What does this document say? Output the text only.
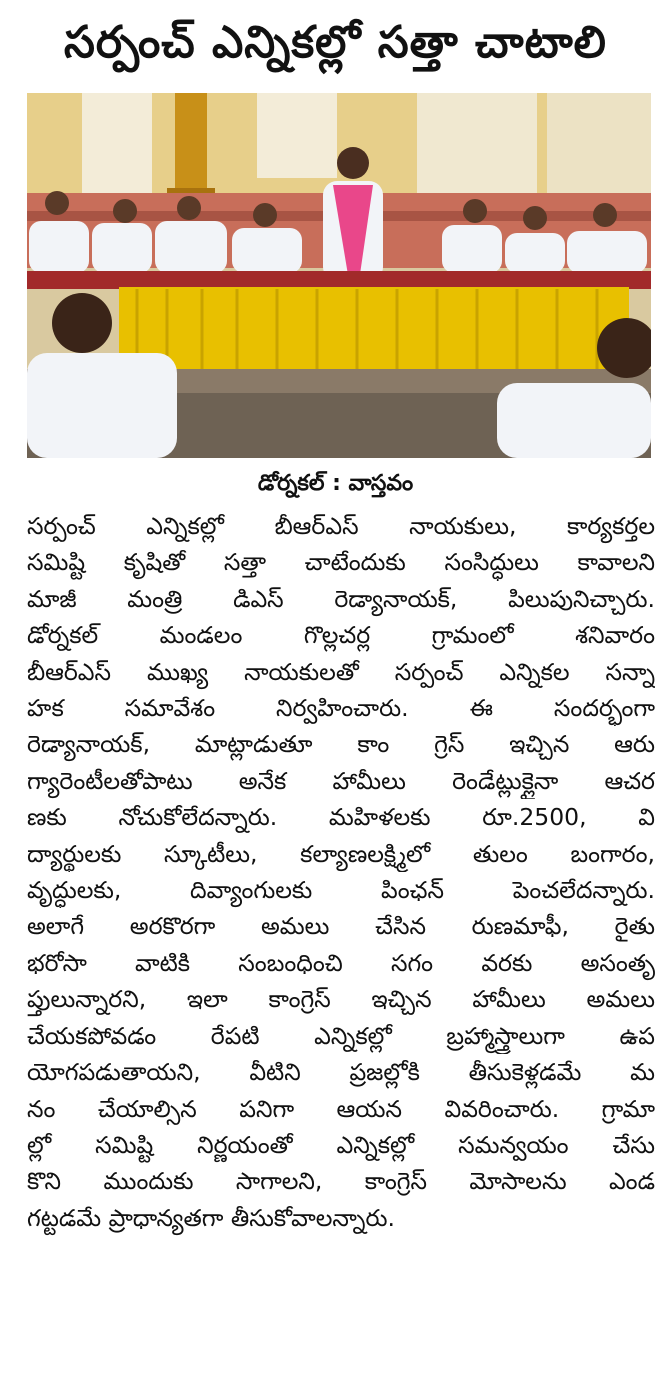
సర్పంచ్ ఎన్నికల్లో సత్తా చాటాలి
డోర్నకల్ : వాస్తవం
సర్పంచ్ ఎన్నికల్లో బీఆర్ఎస్ నాయకులు, కార్యకర్తల
సమిష్టి కృషితో సత్తా చాటేందుకు సంసిద్ధులు కావాలని
మాజీ మంత్రి డిఎస్ రెడ్యానాయక్, పిలుపునిచ్చారు.
డోర్నకల్ మండలం గొల్లచర్ల గ్రామంలో శనివారం
బీఆర్ఎస్ ముఖ్య నాయకులతో సర్పంచ్ ఎన్నికల సన్నా
హక సమావేశం నిర్వహించారు. ఈ సందర్భంగా
రెడ్యానాయక్, మాట్లాడుతూ కాం గ్రెస్ ఇచ్చిన ఆరు
గ్యారెంటీలతోపాటు అనేక హామీలు రెండేట్లుక్లైనా ఆచర
ణకు నోచుకోలేదన్నారు. మహిళలకు రూ.2500, వి
ద్యార్థులకు స్కూటీలు, కల్యాణలక్ష్మిలో తులం బంగారం,
వృద్ధులకు, దివ్యాంగులకు పింఛన్ పెంచలేదన్నారు.
అలాగే అరకొరగా అమలు చేసిన రుణమాఫీ, రైతు
భరోసా వాటికి సంబంధించి సగం వరకు అసంతృ
ప్తులున్నారని, ఇలా కాంగ్రెస్ ఇచ్చిన హామీలు అమలు
చేయకపోవడం రేపటి ఎన్నికల్లో బ్రహ్మాస్త్రాలుగా ఉప
యోగపడుతాయని, వీటిని ప్రజల్లోకి తీసుకెళ్లడమే మ
నం చేయాల్సిన పనిగా ఆయన వివరించారు. గ్రామా
ల్లో సమిష్టి నిర్ణయంతో ఎన్నికల్లో సమన్వయం చేసు
కొని ముందుకు సాగాలని, కాంగ్రెస్ మోసాలను ఎండ
గట్టడమే ప్రాధాన్యతగా తీసుకోవాలన్నారు.
